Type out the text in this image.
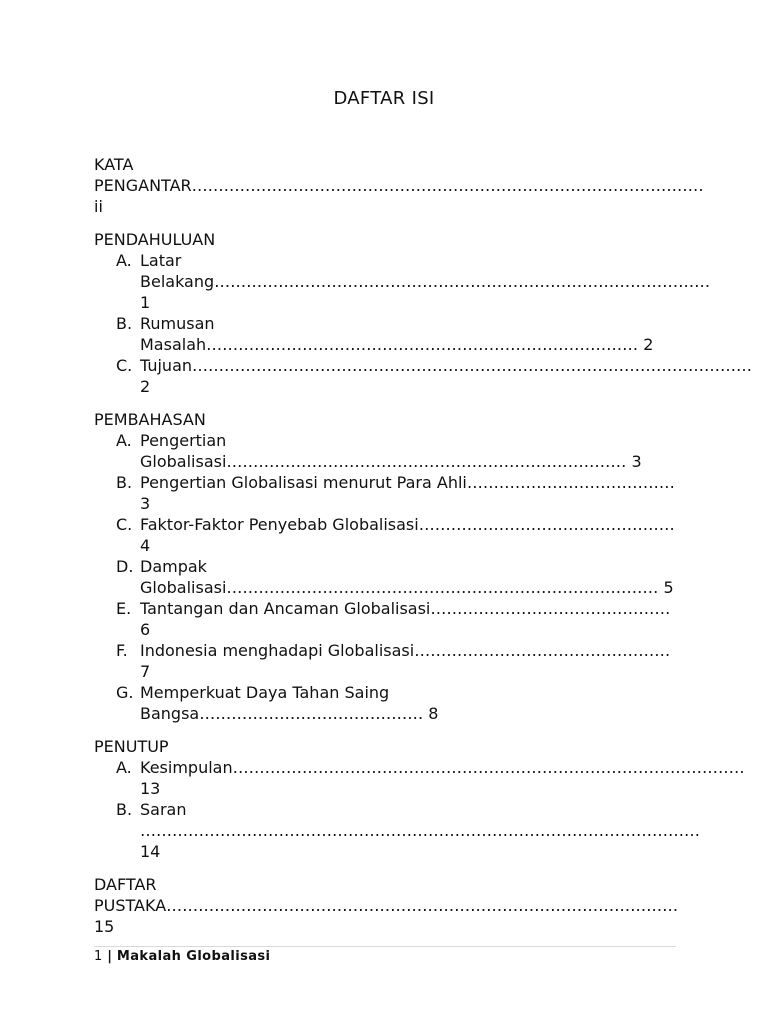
DAFTAR ISI

KATA PENGANTAR…………………………………………………………………………………… ii

PENDAHULUAN

A. Latar Belakang………………………………………………………………………………… 1
B. Rumusan Masalah……………………………………………………………………… 2
C. Tujuan…………………………………………………………………………………………… 2

PEMBAHASAN

A. Pengertian Globalisasi………………………………………………………………… 3
B. Pengertian Globalisasi menurut Para Ahli………………………………… 3
C. Faktor-Faktor Penyebab Globalisasi………………………………………… 4
D. Dampak Globalisasi……………………………………………………………………… 5
E. Tantangan dan Ancaman Globalisasi……………………………………… 6
F. Indonesia menghadapi Globalisasi………………………………………… 7
G. Memperkuat Daya Tahan Saing Bangsa…………………………………… 8

PENUTUP

A. Kesimpulan…………………………………………………………………………………… 13
B. Saran …………………………………………………………………………………………… 14

DAFTAR PUSTAKA…………………………………………………………………………………… 15

1 | Makalah Globalisasi
